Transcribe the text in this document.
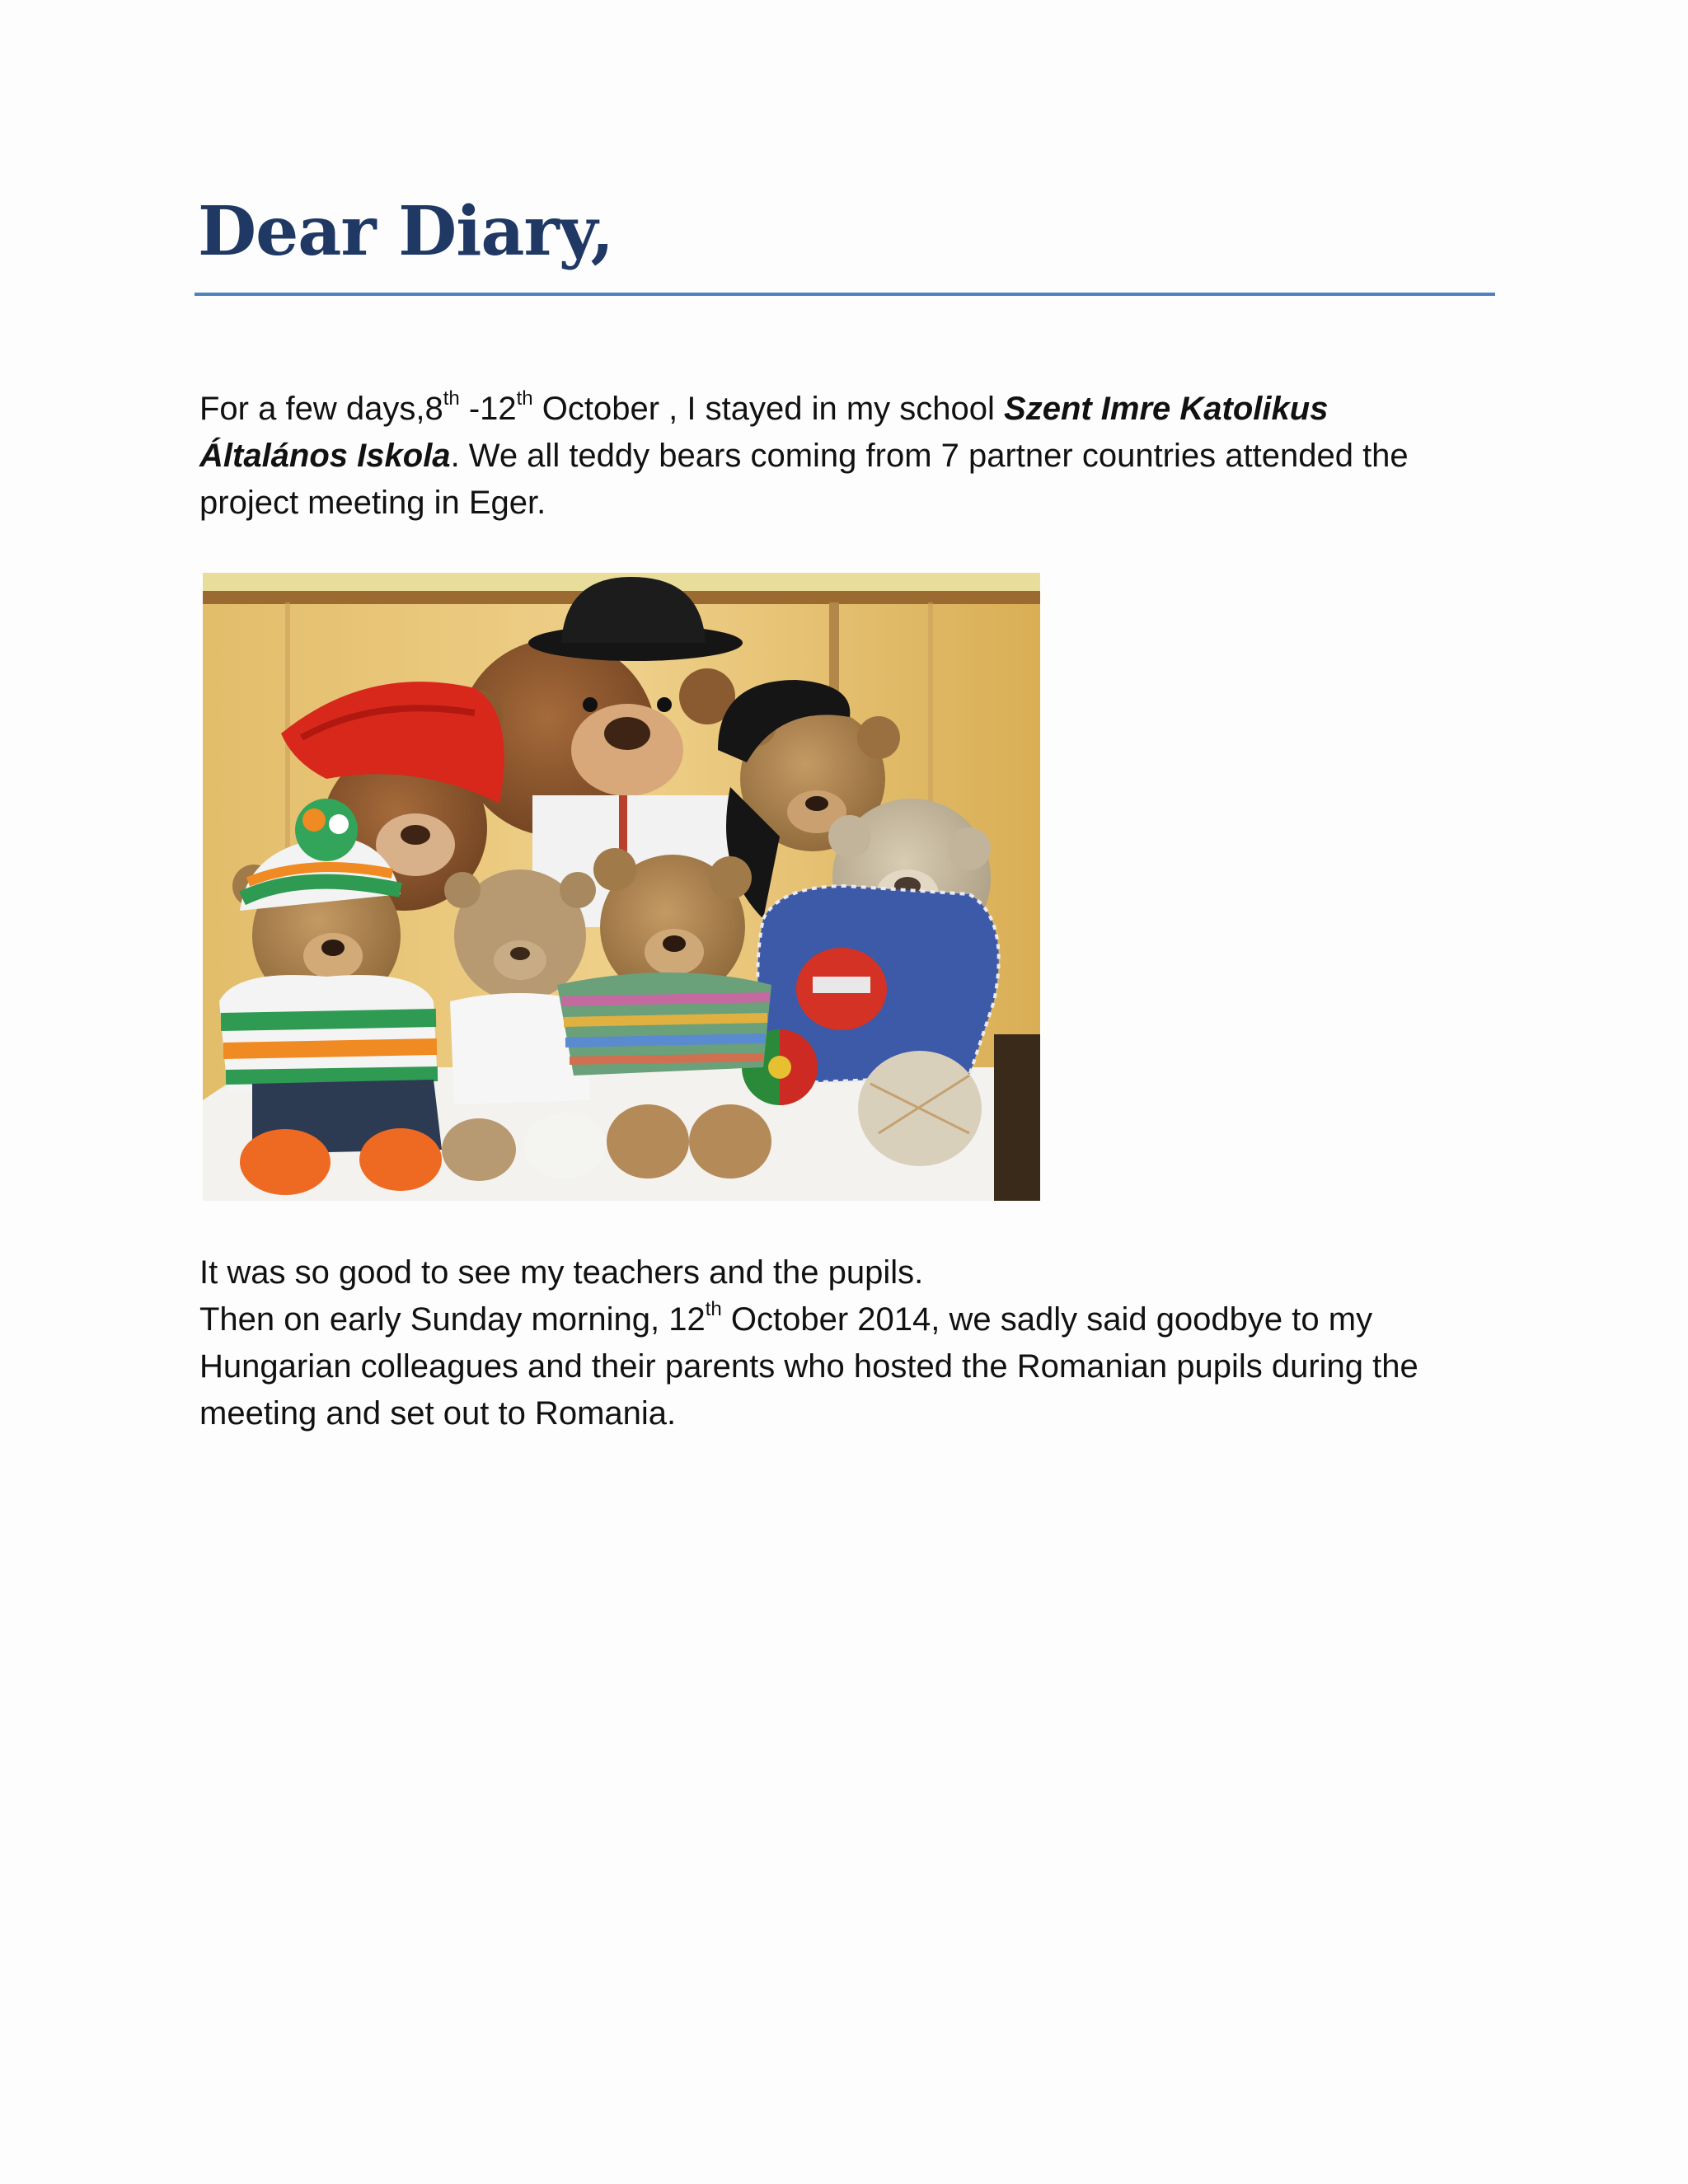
Dear Diary,

For a few days,8th -12th October , I stayed in my school Szent Imre Katolikus Általános Iskola. We all teddy bears coming from 7 partner countries attended the project meeting in Eger.

It was so good to see my teachers and the pupils.
Then on early Sunday morning, 12th October 2014, we sadly said goodbye to my Hungarian colleagues and their parents who hosted the Romanian pupils during the meeting and set out to Romania.
